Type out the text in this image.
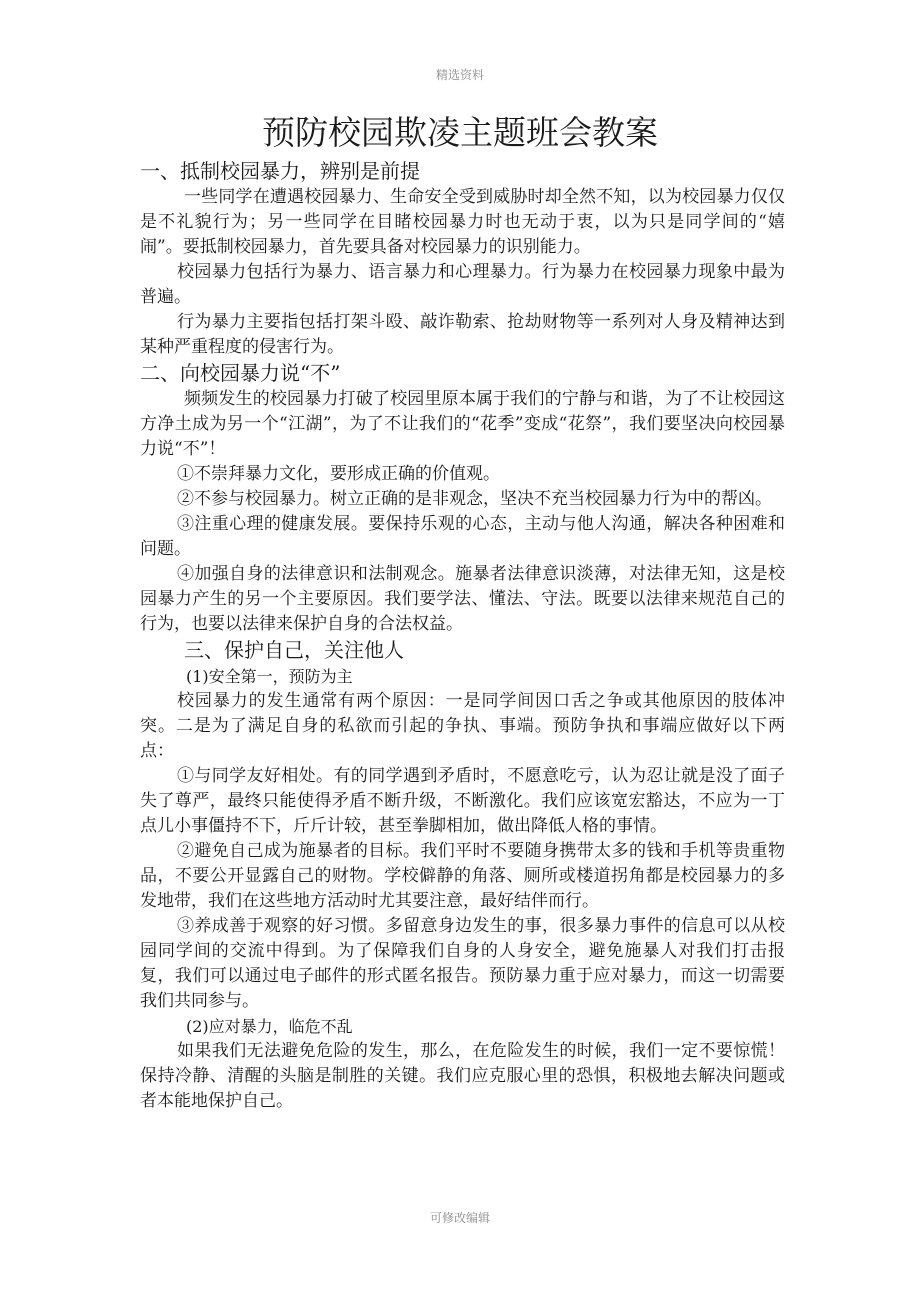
精选资料
预防校园欺凌主题班会教案

一、抵制校园暴力，辨别是前提

一些同学在遭遇校园暴力、生命安全受到威胁时却全然不知，以为校园暴力仅仅是不礼貌行为；另一些同学在目睹校园暴力时也无动于衷，以为只是同学间的“嬉闹”。要抵制校园暴力，首先要具备对校园暴力的识别能力。

校园暴力包括行为暴力、语言暴力和心理暴力。行为暴力在校园暴力现象中最为普遍。

行为暴力主要指包括打架斗殴、敲诈勒索、抢劫财物等一系列对人身及精神达到某种严重程度的侵害行为。

二、向校园暴力说“不”

频频发生的校园暴力打破了校园里原本属于我们的宁静与和谐，为了不让校园这方净土成为另一个“江湖”，为了不让我们的“花季”变成“花祭”，我们要坚决向校园暴力说“不”！

①不崇拜暴力文化，要形成正确的价值观。

②不参与校园暴力。树立正确的是非观念，坚决不充当校园暴力行为中的帮凶。

③注重心理的健康发展。要保持乐观的心态，主动与他人沟通，解决各种困难和问题。

④加强自身的法律意识和法制观念。施暴者法律意识淡薄，对法律无知，这是校园暴力产生的另一个主要原因。我们要学法、懂法、守法。既要以法律来规范自己的行为，也要以法律来保护自身的合法权益。

三、保护自己，关注他人

(1)安全第一，预防为主

校园暴力的发生通常有两个原因：一是同学间因口舌之争或其他原因的肢体冲突。二是为了满足自身的私欲而引起的争执、事端。预防争执和事端应做好以下两点：

①与同学友好相处。有的同学遇到矛盾时，不愿意吃亏，认为忍让就是没了面子失了尊严，最终只能使得矛盾不断升级，不断激化。我们应该宽宏豁达，不应为一丁点儿小事僵持不下，斤斤计较，甚至拳脚相加，做出降低人格的事情。

②避免自己成为施暴者的目标。我们平时不要随身携带太多的钱和手机等贵重物品，不要公开显露自己的财物。学校僻静的角落、厕所或楼道拐角都是校园暴力的多发地带，我们在这些地方活动时尤其要注意，最好结伴而行。

③养成善于观察的好习惯。多留意身边发生的事，很多暴力事件的信息可以从校园同学间的交流中得到。为了保障我们自身的人身安全，避免施暴人对我们打击报复，我们可以通过电子邮件的形式匿名报告。预防暴力重于应对暴力，而这一切需要我们共同参与。

(2)应对暴力，临危不乱

如果我们无法避免危险的发生，那么，在危险发生的时候，我们一定不要惊慌！保持冷静、清醒的头脑是制胜的关键。我们应克服心里的恐惧，积极地去解决问题或者本能地保护自己。

可修改编辑
